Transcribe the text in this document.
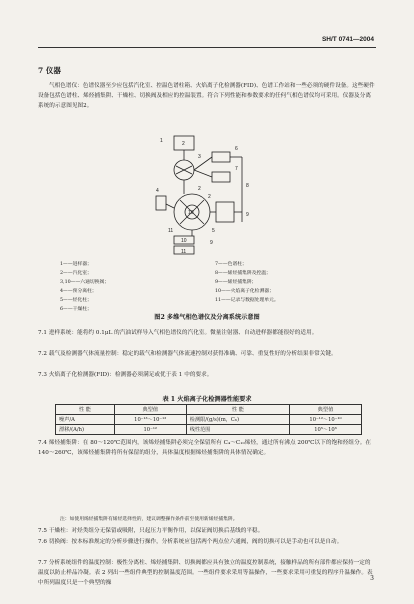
SH/T 0741—2004
7 仪器
气相色谱仪：色谱仪器至少应包括汽化室、控温色谱柱箱、火焰离子化检测器(FID)、色谱工作站和一些必须的硬件设备。这些硬件设备包括色谱柱、烯烃捕集阱、干燥柱、切换阀及相应的控温装置。符合下列性能和参数要求的任何气相色谱仪均可采用。仪器及分离系统的示意图见图2。
2
1
3
2
6
7
8
9
10
11
4
5
2
11
10	9
1——进样器；
2——汽化室；
3,10——六通切换阀；
4——预分离柱；
5——烃化柱；
6——干燥柱；
7——色谱柱；
8——烯烃捕集阱及控温；
9——烯烃捕集阱；
10——火焰离子化检测器；
11——记录与数据处理单元。
图2 多维气相色谱仪及分离系统示意图
7.1 进样系统：能将约 0.1μL 的汽油试样导入气相色谱仪的汽化室。微量注射器、自动进样器都能很好的适用。
7.2 载气及检测器气体流量控制：稳定的载气和检测器气体流速控制对获得准确、可靠、重复性好的分析结果非常关键。
7.3 火焰离子化检测器(FID)：检测器必须满足或优于表 1 中的要求。
表 1 火焰离子化检测器性能要求
性 能	典型值	性 能	典型值
噪声/A	10⁻¹³～10⁻¹²	检测限/(g/s)(m，C₆)	10⁻¹²～10⁻¹⁰
漂移/(A/h)	10⁻¹²	线性范围	10⁵～10⁶
7.4 烯烃捕集阱：在 80～120℃范围内，该烯烃捕集阱必须完全保留所有 C₄～C₁₀烯烃，通过所有沸点 200℃以下的饱和烃组分。在 140～260℃，该烯烃捕集阱将所有保留的组分，具体温度根据烯烃捕集阱的具体情况确定。
注：如使用烯烃捕集阱有烯烃选择性的，建议调整操作条件前至使用新烯烃捕集阱。
7.5 干燥柱：对烃类组分无保留或吸附，只起压力平衡作用，以保证阀切换后基线的平稳。
7.6 切换阀：按本标准规定的分析步骤进行操作，分析系统应包括两个两点位六通阀，阀的切换可以是手动也可以是自动。
7.7 分析系统组件的温度控制：极性分离柱、烯烃捕集阱、切换阀都应具有独立的温度控制系统，接触样品的所有部件都应保持一定的温度以防止样品冷凝。表 2 列出一些组件典型的控制温度范围。一些组件要求采用等温操作，一些要求采用可重复的程序升温操作。表中所列温度只是一个典型的操
3
